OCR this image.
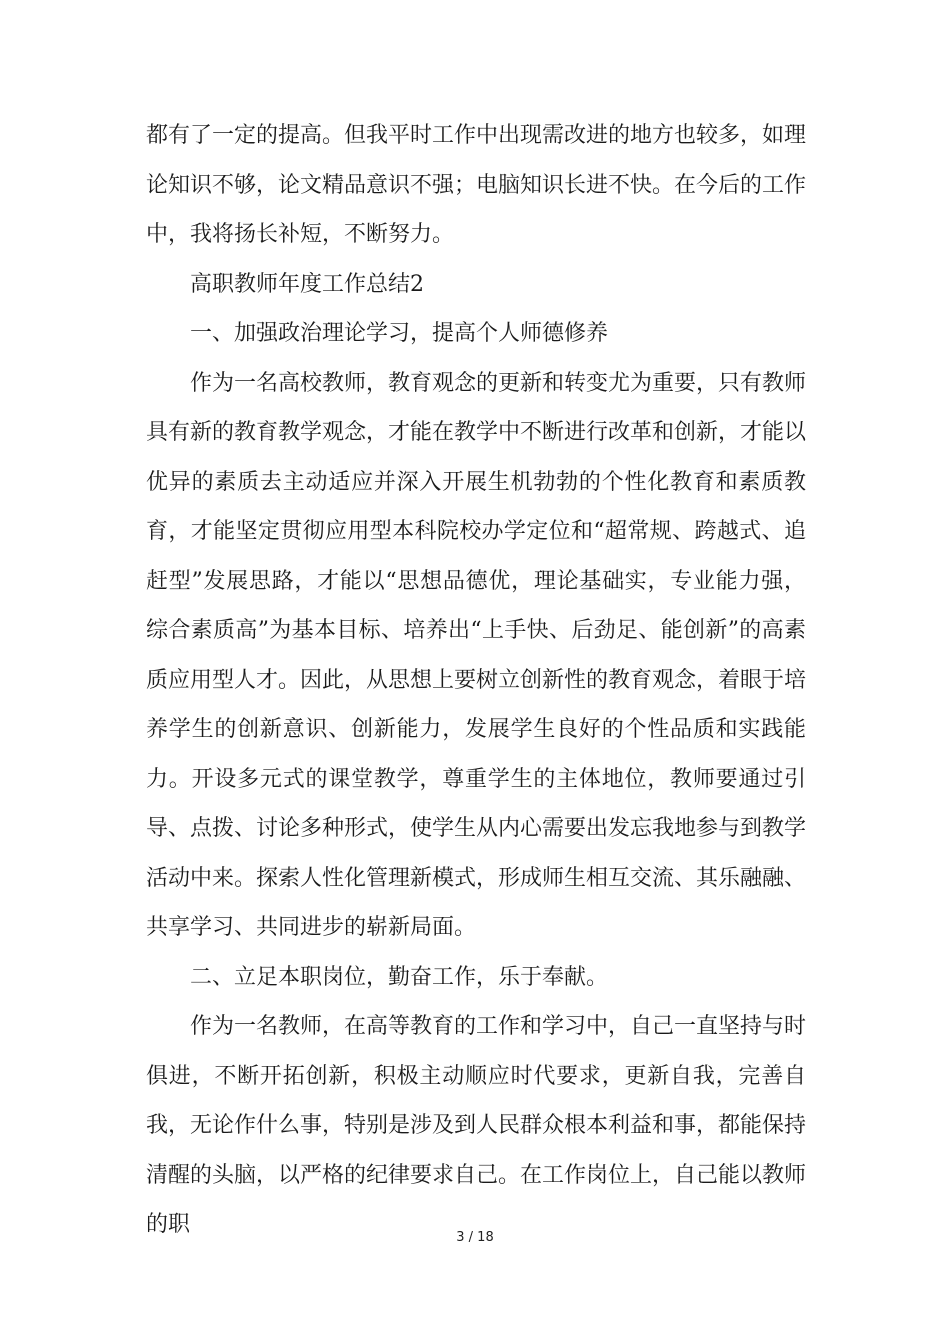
都有了一定的提高。但我平时工作中出现需改进的地方也较多，如理论知识不够，论文精品意识不强；电脑知识长进不快。在今后的工作中，我将扬长补短，不断努力。

高职教师年度工作总结2

一、加强政治理论学习，提高个人师德修养

作为一名高校教师，教育观念的更新和转变尤为重要，只有教师具有新的教育教学观念，才能在教学中不断进行改革和创新，才能以优异的素质去主动适应并深入开展生机勃勃的个性化教育和素质教育，才能坚定贯彻应用型本科院校办学定位和“超常规、跨越式、追赶型”发展思路，才能以“思想品德优，理论基础实，专业能力强，综合素质高”为基本目标、培养出“上手快、后劲足、能创新”的高素质应用型人才。因此，从思想上要树立创新性的教育观念，着眼于培养学生的创新意识、创新能力，发展学生良好的个性品质和实践能力。开设多元式的课堂教学，尊重学生的主体地位，教师要通过引导、点拨、讨论多种形式，使学生从内心需要出发忘我地参与到教学活动中来。探索人性化管理新模式，形成师生相互交流、其乐融融、共享学习、共同进步的崭新局面。

二、立足本职岗位，勤奋工作，乐于奉献。

作为一名教师，在高等教育的工作和学习中，自己一直坚持与时俱进，不断开拓创新，积极主动顺应时代要求，更新自我，完善自我，无论作什么事，特别是涉及到人民群众根本利益和事，都能保持清醒的头脑，以严格的纪律要求自己。在工作岗位上，自己能以教师的职

3 / 18
